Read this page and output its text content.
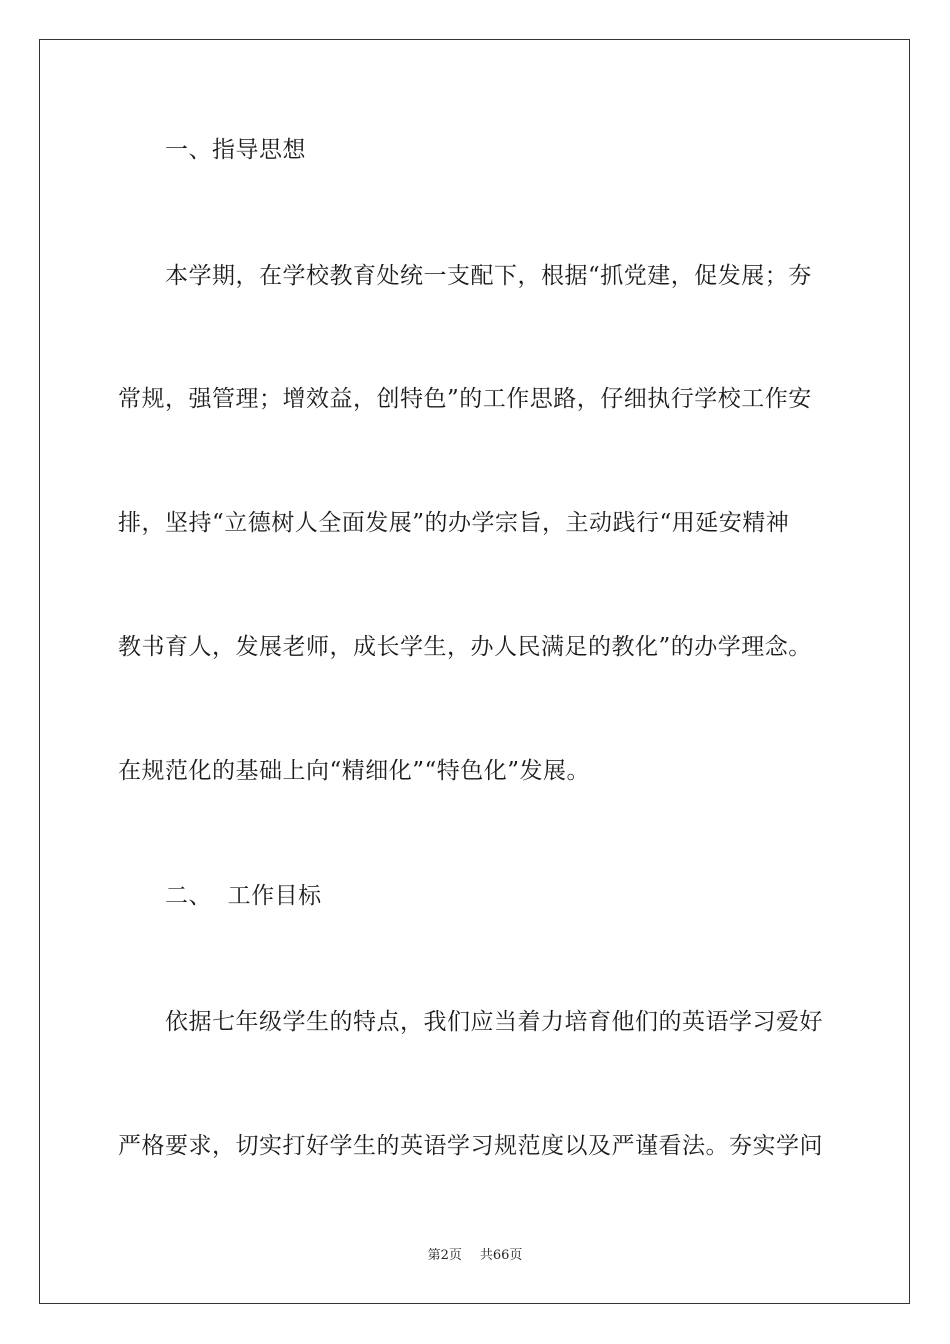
一、指导思想
本学期，在学校教育处统一支配下，根据“抓党建，促发展；夯
常规，强管理；增效益，创特色”的工作思路，仔细执行学校工作安
排，坚持“立德树人全面发展”的办学宗旨，主动践行“用延安精神
教书育人，发展老师，成长学生，办人民满足的教化”的办学理念。
在规范化的基础上向“精细化”“特色化”发展。
二、  工作目标
依据七年级学生的特点，我们应当着力培育他们的英语学习爱好
严格要求，切实打好学生的英语学习规范度以及严谨看法。夯实学问
第2页 共66页
